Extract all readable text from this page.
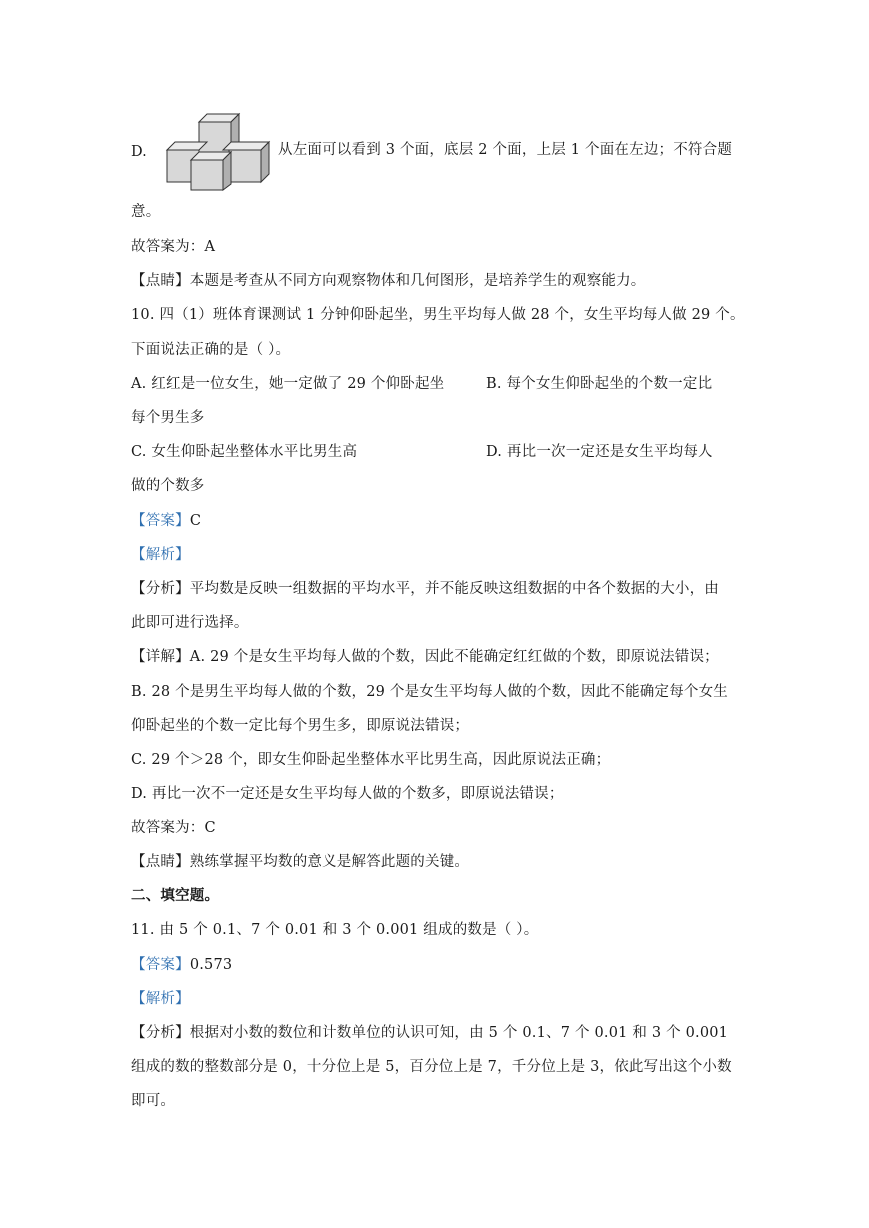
D.	从左面可以看到 3 个面，底层 2 个面，上层 1 个面在左边；不符合题
意。
故答案为：A
【点睛】本题是考查从不同方向观察物体和几何图形，是培养学生的观察能力。
10. 四（1）班体育课测试 1 分钟仰卧起坐，男生平均每人做 28 个，女生平均每人做 29 个。
下面说法正确的是（ ）。
A. 红红是一位女生，她一定做了 29 个仰卧起坐	B. 每个女生仰卧起坐的个数一定比
每个男生多
C. 女生仰卧起坐整体水平比男生高	D. 再比一次一定还是女生平均每人
做的个数多
【答案】C
【解析】
【分析】平均数是反映一组数据的平均水平，并不能反映这组数据的中各个数据的大小，由
此即可进行选择。
【详解】A. 29 个是女生平均每人做的个数，因此不能确定红红做的个数，即原说法错误；
B. 28 个是男生平均每人做的个数，29 个是女生平均每人做的个数，因此不能确定每个女生
仰卧起坐的个数一定比每个男生多，即原说法错误；
C. 29 个＞28 个，即女生仰卧起坐整体水平比男生高，因此原说法正确；
D. 再比一次不一定还是女生平均每人做的个数多，即原说法错误；
故答案为：C
【点睛】熟练掌握平均数的意义是解答此题的关键。
二、填空题。
11. 由 5 个 0.1、7 个 0.01 和 3 个 0.001 组成的数是（ ）。
【答案】0.573
【解析】
【分析】根据对小数的数位和计数单位的认识可知，由 5 个 0.1、7 个 0.01 和 3 个 0.001
组成的数的整数部分是 0，十分位上是 5，百分位上是 7，千分位上是 3，依此写出这个小数
即可。
